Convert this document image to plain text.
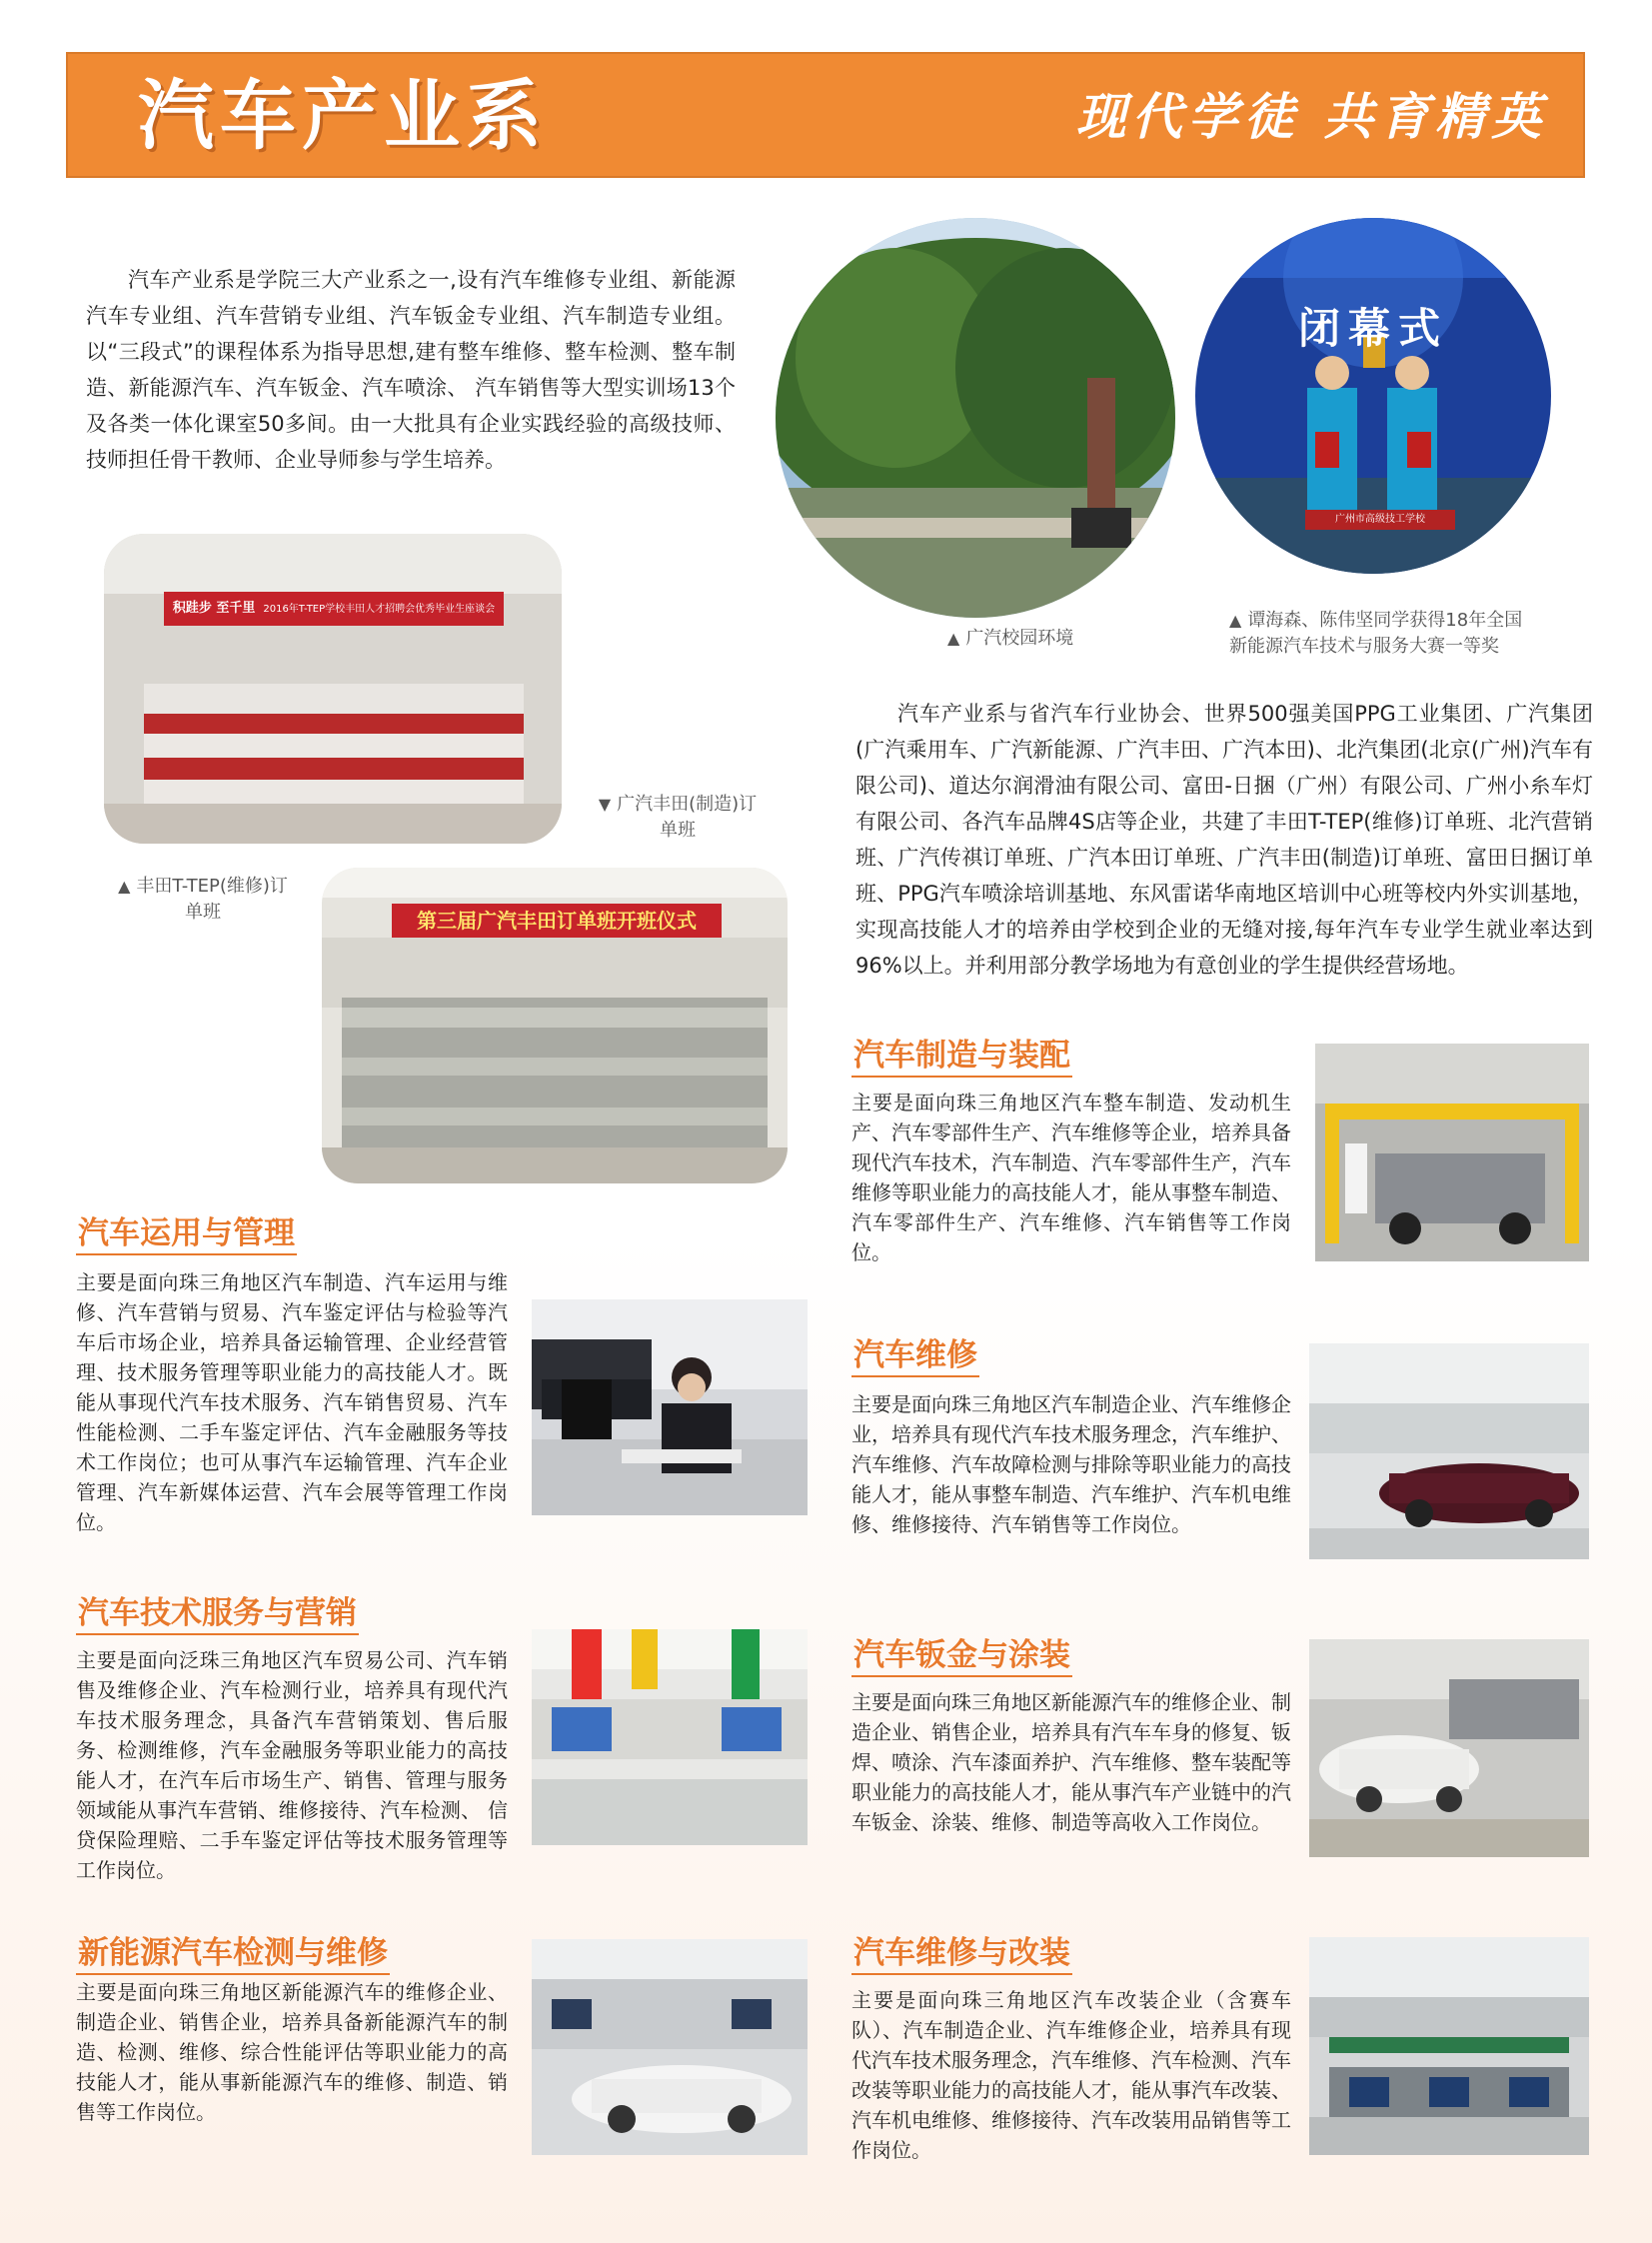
汽车产业系	现代学徒 共育精英

汽车产业系是学院三大产业系之一,设有汽车维修专业组、新能源汽车专业组、汽车营销专业组、汽车钣金专业组、汽车制造专业组。以“三段式”的课程体系为指导思想,建有整车维修、整车检测、整车制造、新能源汽车、汽车钣金、汽车喷涂、 汽车销售等大型实训场13个及各类一体化课室50多间。由一大批具有企业实践经验的高级技师、技师担任骨干教师、企业导师参与学生培养。

闭幕式
广州市高级技工学校
▲ 广汽校园环境
▲ 谭海森、陈伟坚同学获得18年全国新能源汽车技术与服务大赛一等奖
积跬步 至千里 2016年T-TEP学校丰田人才招聘会优秀毕业生座谈会
▼ 广汽丰田(制造)订单班
▲ 丰田T-TEP(维修)订单班	第三届广汽丰田订单班开班仪式

汽车产业系与省汽车行业协会、世界500强美国PPG工业集团、广汽集团(广汽乘用车、广汽新能源、广汽丰田、广汽本田)、北汽集团(北京(广州)汽车有限公司)、道达尔润滑油有限公司、富田-日捆（广州）有限公司、广州小糸车灯有限公司、各汽车品牌4S店等企业，共建了丰田T-TEP(维修)订单班、北汽营销班、广汽传祺订单班、广汽本田订单班、广汽丰田(制造)订单班、富田日捆订单班、PPG汽车喷涂培训基地、东风雷诺华南地区培训中心班等校内外实训基地，实现高技能人才的培养由学校到企业的无缝对接,每年汽车专业学生就业率达到96%以上。并利用部分教学场地为有意创业的学生提供经营场地。

汽车运用与管理

主要是面向珠三角地区汽车制造、汽车运用与维修、汽车营销与贸易、汽车鉴定评估与检验等汽车后市场企业，培养具备运输管理、企业经营管理、技术服务管理等职业能力的高技能人才。既能从事现代汽车技术服务、汽车销售贸易、汽车性能检测、二手车鉴定评估、汽车金融服务等技术工作岗位；也可从事汽车运输管理、汽车企业管理、汽车新媒体运营、汽车会展等管理工作岗位。

汽车技术服务与营销

主要是面向泛珠三角地区汽车贸易公司、汽车销售及维修企业、汽车检测行业，培养具有现代汽车技术服务理念，具备汽车营销策划、售后服务、检测维修，汽车金融服务等职业能力的高技能人才，在汽车后市场生产、销售、管理与服务领域能从事汽车营销、维修接待、汽车检测、 信贷保险理赔、二手车鉴定评估等技术服务管理等工作岗位。

新能源汽车检测与维修

主要是面向珠三角地区新能源汽车的维修企业、制造企业、销售企业，培养具备新能源汽车的制造、检测、维修、综合性能评估等职业能力的高技能人才，能从事新能源汽车的维修、制造、销售等工作岗位。

汽车制造与装配

主要是面向珠三角地区汽车整车制造、发动机生产、汽车零部件生产、汽车维修等企业，培养具备现代汽车技术，汽车制造、汽车零部件生产，汽车维修等职业能力的高技能人才，能从事整车制造、汽车零部件生产、汽车维修、汽车销售等工作岗位。

汽车维修

主要是面向珠三角地区汽车制造企业、汽车维修企业，培养具有现代汽车技术服务理念，汽车维护、汽车维修、汽车故障检测与排除等职业能力的高技能人才，能从事整车制造、汽车维护、汽车机电维修、维修接待、汽车销售等工作岗位。

汽车钣金与涂装

主要是面向珠三角地区新能源汽车的维修企业、制造企业、销售企业，培养具有汽车车身的修复、钣焊、喷涂、汽车漆面养护、汽车维修、整车装配等职业能力的高技能人才，能从事汽车产业链中的汽车钣金、涂装、维修、制造等高收入工作岗位。

汽车维修与改装

主要是面向珠三角地区汽车改装企业（含赛车队）、汽车制造企业、汽车维修企业，培养具有现代汽车技术服务理念，汽车维修、汽车检测、汽车改装等职业能力的高技能人才，能从事汽车改装、汽车机电维修、维修接待、汽车改装用品销售等工作岗位。
